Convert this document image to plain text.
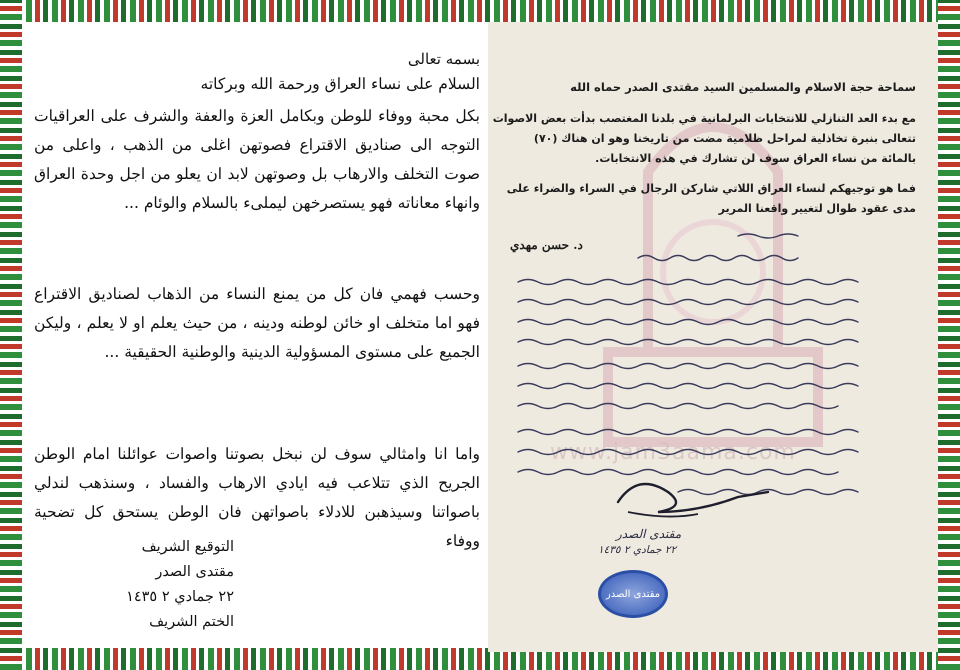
بسمه تعالى
السلام على نساء العراق ورحمة الله وبركاته
بكل محبة ووفاء للوطن وبكامل العزة والعفة والشرف على العراقيات التوجه الى صناديق الاقتراع فصوتهن اغلى من الذهب ، واعلى من صوت التخلف والارهاب بل وصوتهن لابد ان يعلو من اجل وحدة العراق وانهاء معاناته فهو يستصرخهن ليملىء بالسلام والوئام ...
وحسب فهمي فان كل من يمنع النساء من الذهاب لصناديق الاقتراع فهو اما متخلف او خائن لوطنه ودينه ، من حيث يعلم او لا يعلم ، وليكن الجميع على مستوى المسؤولية الدينية والوطنية الحقيقية ...
واما انا وامثالي سوف لن نبخل بصوتنا واصوات عوائلنا امام الوطن الجريح الذي تتلاعب فيه ايادي الارهاب والفساد ، وسنذهب لندلي باصواتنا وسيذهبن للادلاء باصواتهن فان الوطن يستحق كل تضحية ووفاء
التوقيع الشريف
مقتدى الصدر
٢٢ جمادي ٢ ١٤٣٥
الختم الشريف
www.jam3aama.com
سماحة حجة الاسلام والمسلمين السيد مقتدى الصدر حماه الله
مع بدء العد التنازلي للانتخابات البرلمانية في بلدنا المغتصب بدأت بعض الاصوات
تتعالى بنبرة تخاذلية لمراحل ظلامية مضت من تاريخنا وهو ان هناك (٧٠)
بالمائة من نساء العراق سوف لن تشارك في هذه الانتخابات.
فما هو توجيهكم لنساء العراق اللاتي شاركن الرجال في السراء والضراء على
مدى عقود طوال لتغيير واقعنا المرير
د. حسن مهدي
مقتدى الصدر
٢٢ جمادي ٢ ١٤٣٥
مقتدى الصدر
